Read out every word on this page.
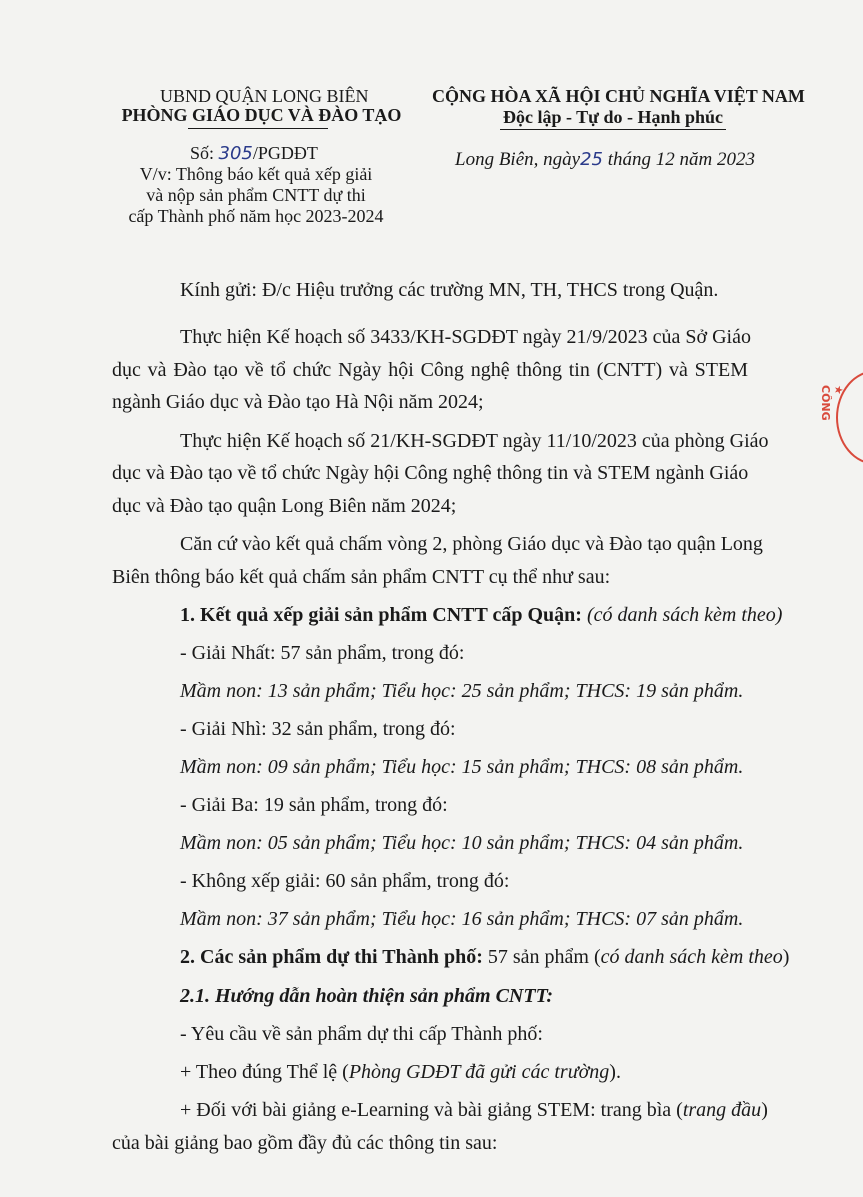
UBND QUẬN LONG BIÊN
PHÒNG GIÁO DỤC VÀ ĐÀO TẠO
CỘNG HÒA XÃ HỘI CHỦ NGHĨA VIỆT NAM
Độc lập - Tự do - Hạnh phúc
Số: 305/PGDĐT
V/v: Thông báo kết quả xếp giải
và nộp sản phẩm CNTT dự thi
cấp Thành phố năm học 2023-2024
Long Biên, ngày25 tháng 12 năm 2023
Kính gửi: Đ/c Hiệu trưởng các trường MN, TH, THCS trong Quận.
Thực hiện Kế hoạch số 3433/KH-SGDĐT ngày 21/9/2023 của Sở Giáo
dục và Đào tạo về tổ chức Ngày hội Công nghệ thông tin (CNTT) và STEM
ngành Giáo dục và Đào tạo Hà Nội năm 2024;
Thực hiện Kế hoạch số 21/KH-SGDĐT ngày 11/10/2023 của phòng Giáo
dục và Đào tạo về tổ chức Ngày hội Công nghệ thông tin và STEM ngành Giáo
dục và Đào tạo quận Long Biên năm 2024;
Căn cứ vào kết quả chấm vòng 2, phòng Giáo dục và Đào tạo quận Long
Biên thông báo kết quả chấm sản phẩm CNTT cụ thể như sau:
1. Kết quả xếp giải sản phẩm CNTT cấp Quận: (có danh sách kèm theo)
- Giải Nhất: 57 sản phẩm, trong đó:
Mầm non: 13 sản phẩm; Tiểu học: 25 sản phẩm; THCS: 19 sản phẩm.
- Giải Nhì: 32 sản phẩm, trong đó:
Mầm non: 09 sản phẩm; Tiểu học: 15 sản phẩm; THCS: 08 sản phẩm.
- Giải Ba: 19 sản phẩm, trong đó:
Mầm non: 05 sản phẩm; Tiểu học: 10 sản phẩm; THCS: 04 sản phẩm.
- Không xếp giải: 60 sản phẩm, trong đó:
Mầm non: 37 sản phẩm; Tiểu học: 16 sản phẩm; THCS: 07 sản phẩm.
2. Các sản phẩm dự thi Thành phố: 57 sản phẩm (có danh sách kèm theo)
2.1. Hướng dẫn hoàn thiện sản phẩm CNTT:
- Yêu cầu về sản phẩm dự thi cấp Thành phố:
+ Theo đúng Thể lệ (Phòng GDĐT đã gửi các trường).
+ Đối với bài giảng e-Learning và bài giảng STEM: trang bìa (trang đầu)
của bài giảng bao gồm đầy đủ các thông tin sau:
★ CÔNG
